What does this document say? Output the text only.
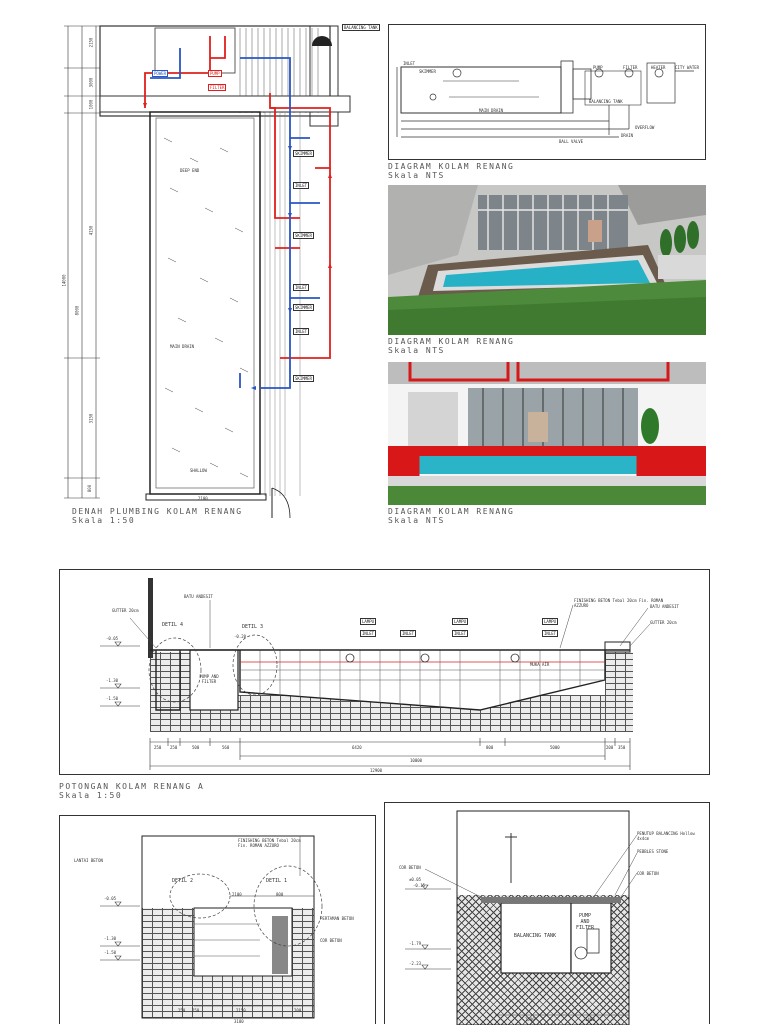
PUMP
FILTER
POWER
BALANCING TANK
SKIMMER
INLET
SKIMMER
INLET
SKIMMER
INLET
SKIMMER
MAIN DRAIN
DEEP END
SHALLOW
2150
3000
1000
4150
8000
14000
3150
800
2100
DENAH PLUMBING KOLAM RENANG
Skala 1:50
INLET
SKIMMER
MAIN DRAIN
BALANCING TANK
PUMP	FILTER	HEATER
OVERFLOW
DRAIN
CITY WATER
BALL VALVE
DIAGRAM KOLAM RENANG
Skala NTS
DIAGRAM KOLAM RENANG
Skala NTS
DIAGRAM KOLAM RENANG
Skala NTS
DETIL 4	DETIL 3
PUMP AND FILTER
GUTTER 20cm
BATU ANDESIT
FINISHING BETON Tebal 20cm Fin. ROMAN AZZURO	BATU ANDESIT
GUTTER 20cm
MUKA AIR
LAMPU
INLET	INLET
LAMPU
INLET
LAMPU
INLET
-0.05	-0.20
-1.30
-1.50
250 250	500	560	6420	800	5000	200 350
10000
12900
POTONGAN KOLAM RENANG A
Skala 1:50
DETIL 2	DETIL 1
FINISHING BETON Tebal 20cm Fin. ROMAN AZZURO
LANTAI BETON
PERTAMAN BETON
COR BETON
-0.05
-1.30
-1.50
2100	800
250 250	2150	200
3180
PENUTUP BALANCING Hollow 4x4cm
PEBBLES STONE
COR BETON
COR BETON
BALANCING TANK
PUMP AND FILTER
±0.05
-0.15
-1.79
-2.23
1500	1400
